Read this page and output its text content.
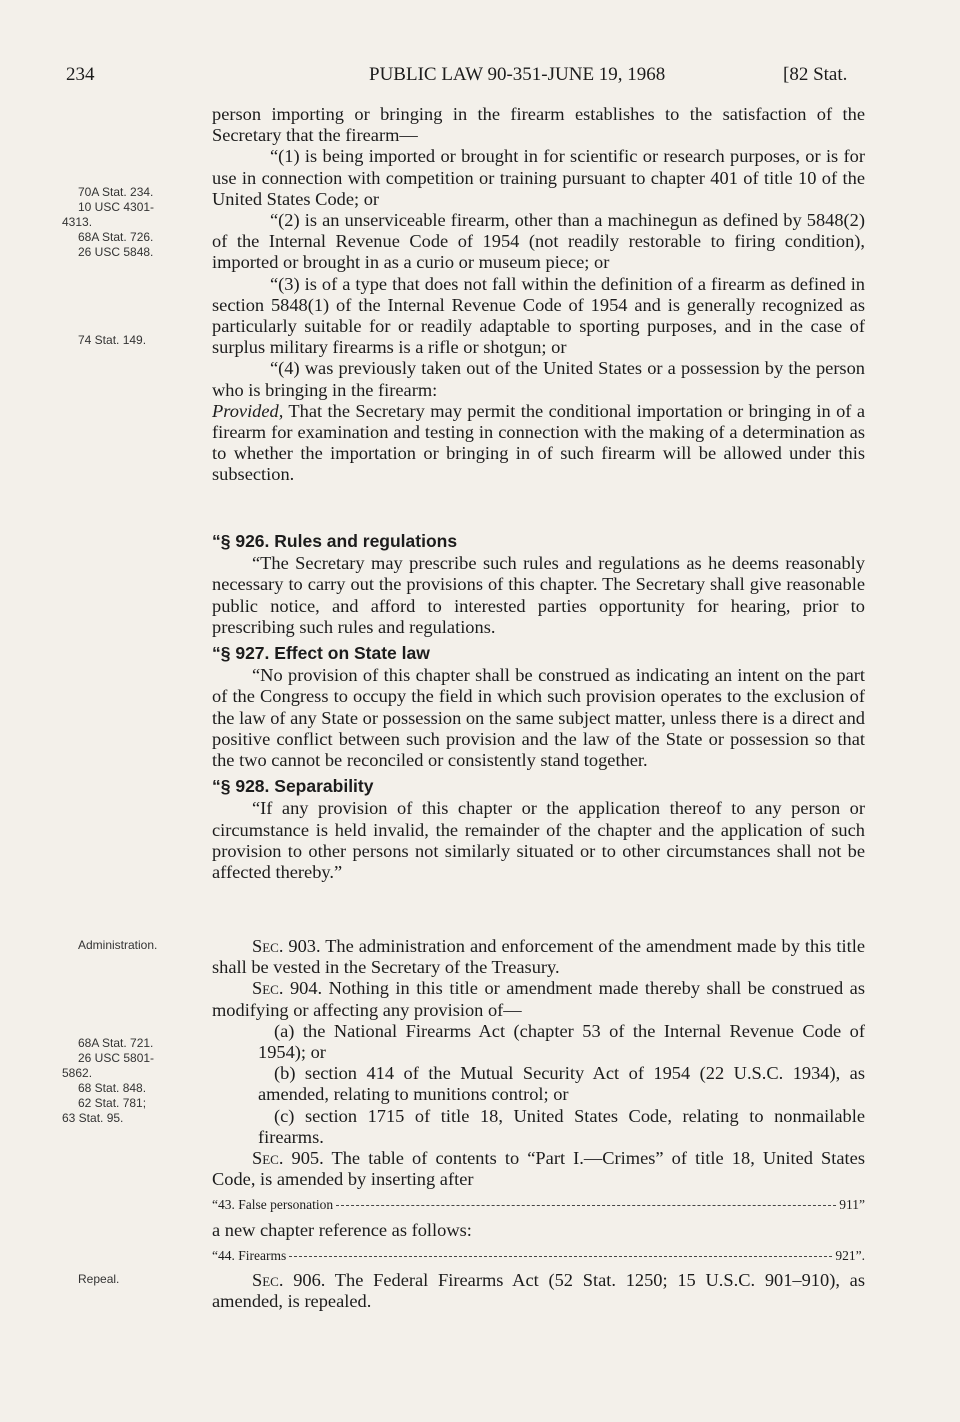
234	PUBLIC LAW 90-351-JUNE 19, 1968	[82 Stat.
70A Stat. 234.
10 USC 4301-
4313.
68A Stat. 726.
26 USC 5848.
74 Stat. 149.
Administration.
68A Stat. 721.
26 USC 5801-
5862.
68 Stat. 848.
62 Stat. 781;
63 Stat. 95.
Repeal.

person importing or bringing in the firearm establishes to the satisfaction of the Secretary that the firearm—

“(1) is being imported or brought in for scientific or research purposes, or is for use in connection with competition or training pursuant to chapter 401 of title 10 of the United States Code; or

“(2) is an unserviceable firearm, other than a machinegun as defined by 5848(2) of the Internal Revenue Code of 1954 (not readily restorable to firing condition), imported or brought in as a curio or museum piece; or

“(3) is of a type that does not fall within the definition of a firearm as defined in section 5848(1) of the Internal Revenue Code of 1954 and is generally recognized as particularly suitable for or readily adaptable to sporting purposes, and in the case of surplus military firearms is a rifle or shotgun; or

“(4) was previously taken out of the United States or a possession by the person who is bringing in the firearm:

Provided, That the Secretary may permit the conditional importation or bringing in of a firearm for examination and testing in connection with the making of a determination as to whether the importation or bringing in of such firearm will be allowed under this subsection.

“§ 926. Rules and regulations

“The Secretary may prescribe such rules and regulations as he deems reasonably necessary to carry out the provisions of this chapter. The Secretary shall give reasonable public notice, and afford to interested parties opportunity for hearing, prior to prescribing such rules and regulations.

“§ 927. Effect on State law

“No provision of this chapter shall be construed as indicating an intent on the part of the Congress to occupy the field in which such provision operates to the exclusion of the law of any State or possession on the same subject matter, unless there is a direct and positive conflict between such provision and the law of the State or possession so that the two cannot be reconciled or consistently stand together.

“§ 928. Separability

“If any provision of this chapter or the application thereof to any person or circumstance is held invalid, the remainder of the chapter and the application of such provision to other persons not similarly situated or to other circumstances shall not be affected thereby.”

Sec. 903. The administration and enforcement of the amendment made by this title shall be vested in the Secretary of the Treasury.

Sec. 904. Nothing in this title or amendment made thereby shall be construed as modifying or affecting any provision of—

(a) the National Firearms Act (chapter 53 of the Internal Revenue Code of 1954); or

(b) section 414 of the Mutual Security Act of 1954 (22 U.S.C. 1934), as amended, relating to munitions control; or

(c) section 1715 of title 18, United States Code, relating to nonmailable firearms.

Sec. 905. The table of contents to “Part I.—Crimes” of title 18, United States Code, is amended by inserting after

“43. False personation	911”

a new chapter reference as follows:

“44. Firearms	921”.

Sec. 906. The Federal Firearms Act (52 Stat. 1250; 15 U.S.C. 901–910), as amended, is repealed.
